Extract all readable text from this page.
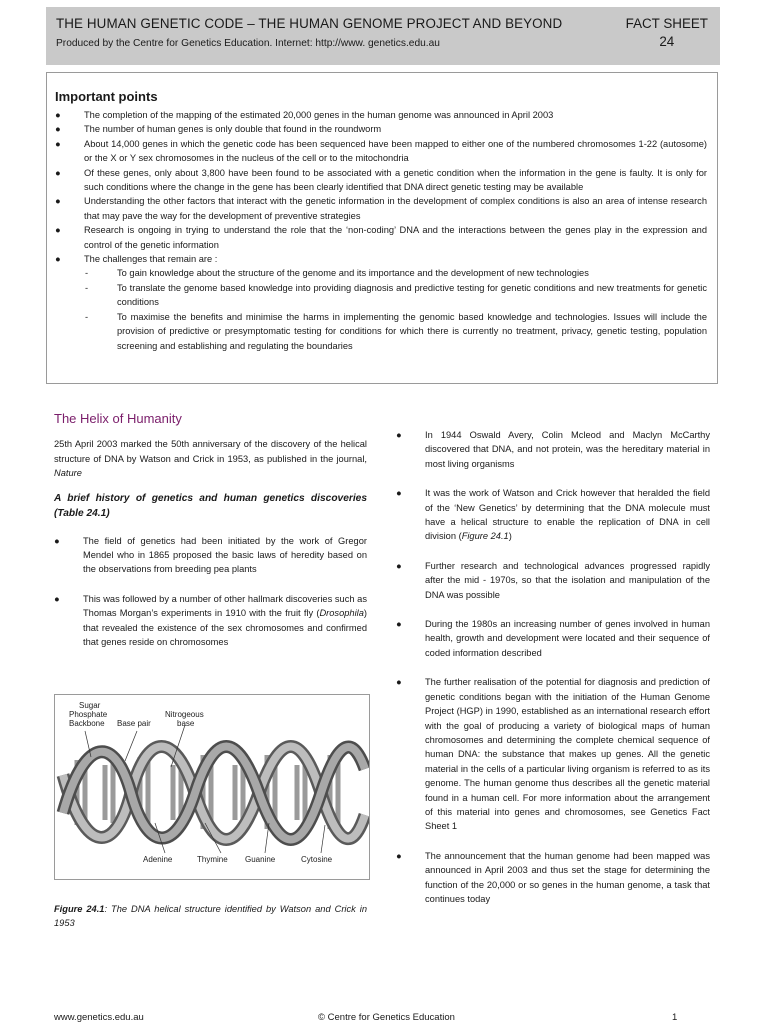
THE HUMAN GENETIC CODE – THE HUMAN GENOME PROJECT AND BEYOND
Produced by the Centre for Genetics Education. Internet: http://www. genetics.edu.au
FACT SHEET
24
Important points
●	The completion of the mapping of the estimated 20,000 genes in the human genome was announced in April 2003
●	The number of human genes is only double that found in the roundworm
●	About 14,000 genes in which the genetic code has been sequenced have been mapped to either one of the numbered chromosomes 1-22 (autosome) or the X or Y sex chromosomes in the nucleus of the cell or to the mitochondria
●	Of these genes, only about 3,800 have been found to be associated with a genetic condition when the information in the gene is faulty. It is only for such conditions where the change in the gene has been clearly identified that DNA direct genetic testing may be available
●	Understanding the other factors that interact with the genetic information in the development of complex conditions is also an area of intense research that may pave the way for the development of preventive strategies
●	Research is ongoing in trying to understand the role that the ‘non-coding’ DNA and the interactions between the genes play in the expression and control of the genetic information
●	The challenges that remain are :
-	To gain knowledge about the structure of the genome and its importance and the development of new technologies
-	To translate the genome based knowledge into providing diagnosis and predictive testing for genetic conditions and new treatments for genetic conditions
-	To maximise the benefits and minimise the harms in implementing the genomic based knowledge and technologies. Issues will include the provision of predictive or presymptomatic testing for conditions for which there is currently no treatment, privacy, genetic testing, population screening and establishing and regulating the boundaries
The Helix of Humanity

25th April 2003 marked the 50th anniversary of the discovery of the helical structure of DNA by Watson and Crick in 1953, as published in the journal, Nature

A brief history of genetics and human genetics discoveries (Table 24.1)

●	The field of genetics had been initiated by the work of Gregor Mendel who in 1865 proposed the basic laws of heredity based on the observations from breeding pea plants
●	This was followed by a number of other hallmark discoveries such as Thomas Morgan’s experiments in 1910 with the fruit fly (Drosophila) that revealed the existence of the sex chromosomes and confirmed that genes reside on chromosomes
Sugar
Phosphate
Backbone Base pair
Nitrogeous
base
Adenine	Thymine Guanine	Cytosine
Figure 24.1: The DNA helical structure identified by Watson and Crick in 1953
●	In 1944 Oswald Avery, Colin Mcleod and Maclyn McCarthy discovered that DNA, and not protein, was the hereditary material in most living organisms
●	It was the work of Watson and Crick however that heralded the field of the ‘New Genetics’ by determining that the DNA molecule must have a helical structure to enable the replication of DNA in cell division (Figure 24.1)
●	Further research and technological advances progressed rapidly after the mid - 1970s, so that the isolation and manipulation of the DNA was possible
●	During the 1980s an increasing number of genes involved in human health, growth and development were located and their sequence of coded information described
●	The further realisation of the potential for diagnosis and prediction of genetic conditions began with the initiation of the Human Genome Project (HGP) in 1990, established as an international research effort with the goal of producing a variety of biological maps of human chromosomes and determining the complete chemical sequence of human DNA: the substance that makes up genes. All the genetic material in the cells of a particular living organism is referred to as its genome. The human genome thus describes all the genetic material found in a human cell. For more information about the arrangement of this material into genes and chromosomes, see Genetics Fact Sheet 1
●	The announcement that the human genome had been mapped was announced in April 2003 and thus set the stage for determining the function of the 20,000 or so genes in the human genome, a task that continues today
www.genetics.edu.au	© Centre for Genetics Education	1
